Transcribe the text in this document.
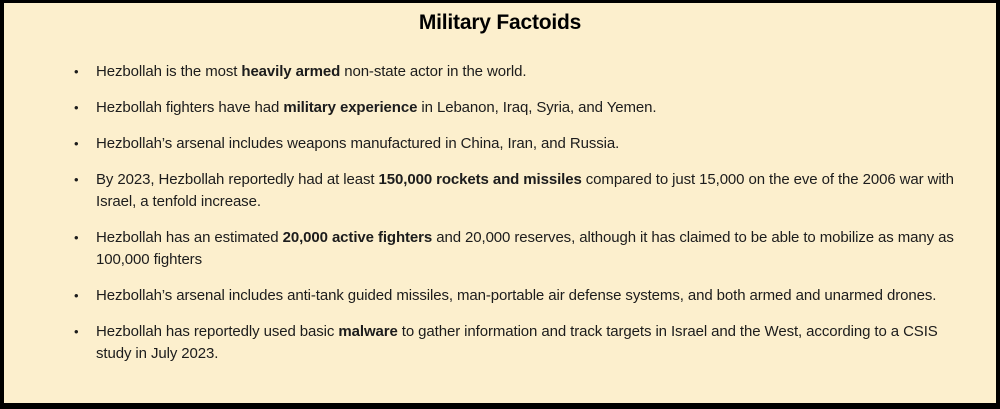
Military Factoids
•	Hezbollah is the most heavily armed non-state actor in the world.

•	Hezbollah fighters have had military experience in Lebanon, Iraq, Syria, and Yemen.

•	Hezbollah’s arsenal includes weapons manufactured in China, Iran, and Russia.

•	By 2023, Hezbollah reportedly had at least 150,000 rockets and missiles compared to just 15,000 on the eve of the 2006 war with Israel, a tenfold increase.

•	Hezbollah has an estimated 20,000 active fighters and 20,000 reserves, although it has claimed to be able to mobilize as many as 100,000 fighters

•	Hezbollah’s arsenal includes anti-tank guided missiles, man-portable air defense systems, and both armed and unarmed drones.

•	Hezbollah has reportedly used basic malware to gather information and track targets in Israel and the West, according to a CSIS study in July 2023.
